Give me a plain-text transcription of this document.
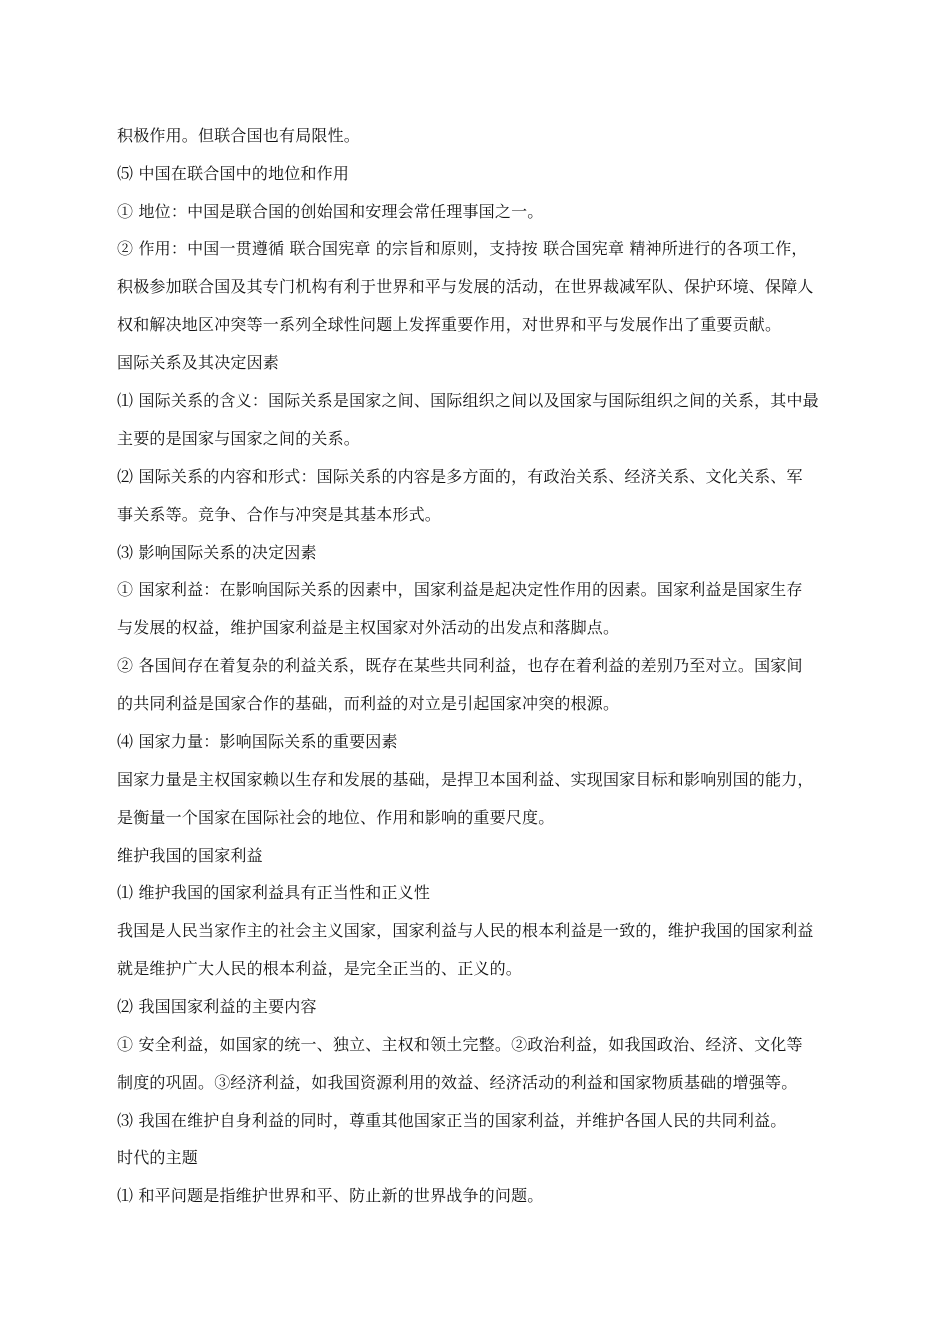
积极作用。但联合国也有局限性。
⑸ 中国在联合国中的地位和作用
① 地位：中国是联合国的创始国和安理会常任理事国之一。
② 作用：中国一贯遵循 联合国宪章 的宗旨和原则，支持按 联合国宪章 精神所进行的各项工作，
积极参加联合国及其专门机构有利于世界和平与发展的活动，在世界裁减军队、保护环境、保障人
权和解决地区冲突等一系列全球性问题上发挥重要作用，对世界和平与发展作出了重要贡献。
国际关系及其决定因素
⑴ 国际关系的含义：国际关系是国家之间、国际组织之间以及国家与国际组织之间的关系，其中最
主要的是国家与国家之间的关系。
⑵ 国际关系的内容和形式：国际关系的内容是多方面的，有政治关系、经济关系、文化关系、军
事关系等。竞争、合作与冲突是其基本形式。
⑶ 影响国际关系的决定因素
① 国家利益：在影响国际关系的因素中，国家利益是起决定性作用的因素。国家利益是国家生存
与发展的权益，维护国家利益是主权国家对外活动的出发点和落脚点。
② 各国间存在着复杂的利益关系，既存在某些共同利益，也存在着利益的差别乃至对立。国家间
的共同利益是国家合作的基础，而利益的对立是引起国家冲突的根源。
⑷ 国家力量：影响国际关系的重要因素
国家力量是主权国家赖以生存和发展的基础，是捍卫本国利益、实现国家目标和影响别国的能力，
是衡量一个国家在国际社会的地位、作用和影响的重要尺度。
维护我国的国家利益
⑴ 维护我国的国家利益具有正当性和正义性
我国是人民当家作主的社会主义国家，国家利益与人民的根本利益是一致的，维护我国的国家利益
就是维护广大人民的根本利益，是完全正当的、正义的。
⑵ 我国国家利益的主要内容
① 安全利益，如国家的统一、独立、主权和领土完整。②政治利益，如我国政治、经济、文化等
制度的巩固。③经济利益，如我国资源利用的效益、经济活动的利益和国家物质基础的增强等。
⑶ 我国在维护自身利益的同时，尊重其他国家正当的国家利益，并维护各国人民的共同利益。
时代的主题
⑴ 和平问题是指维护世界和平、防止新的世界战争的问题。
